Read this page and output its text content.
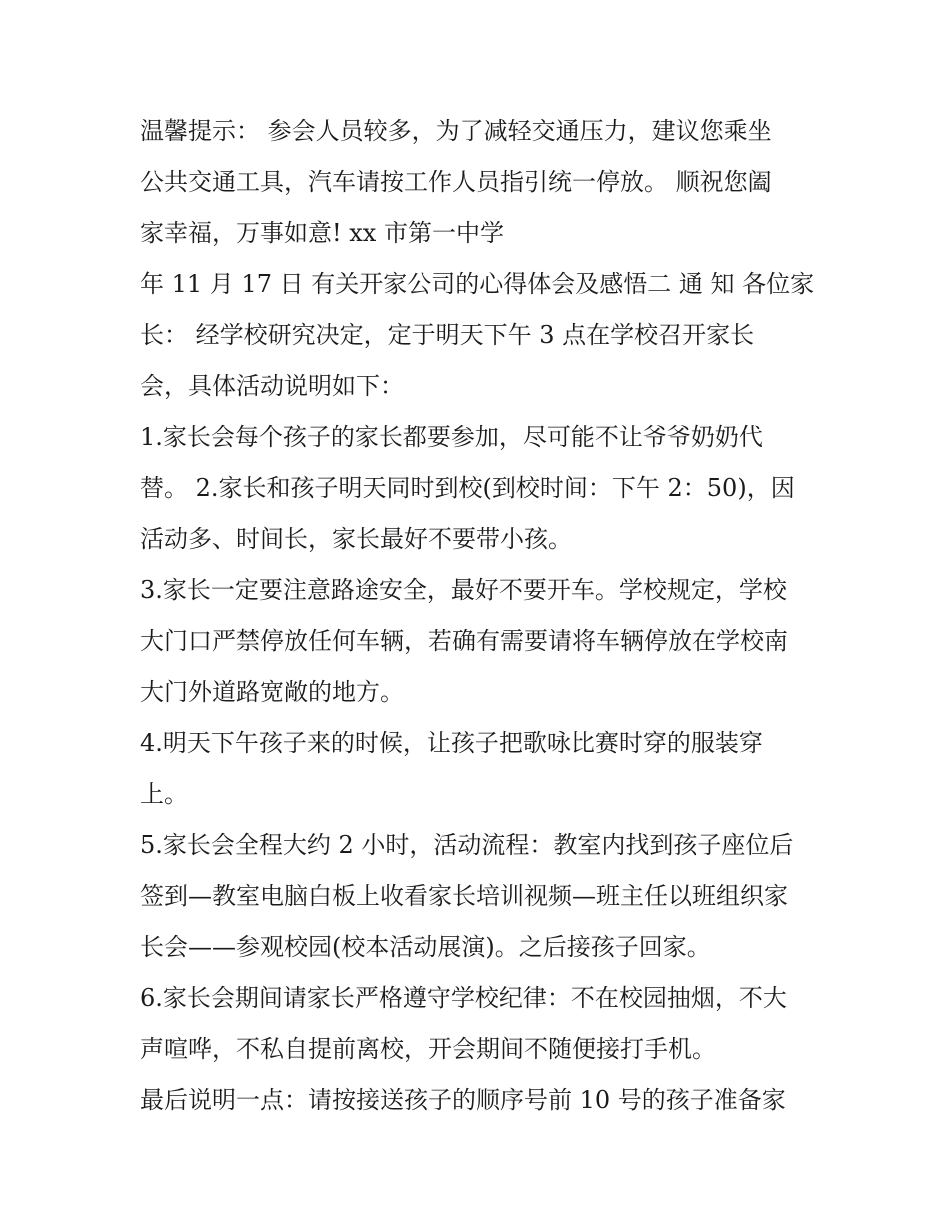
温馨提示： 参会人员较多，为了减轻交通压力，建议您乘坐
公共交通工具，汽车请按工作人员指引统一停放。 顺祝您阖
家幸福，万事如意! xx 市第一中学
年 11 月 17 日 有关开家公司的心得体会及感悟二 通 知 各位家
长： 经学校研究决定，定于明天下午 3 点在学校召开家长
会，具体活动说明如下：
1.家长会每个孩子的家长都要参加，尽可能不让爷爷奶奶代
替。 2.家长和孩子明天同时到校(到校时间：下午 2：50)，因
活动多、时间长，家长最好不要带小孩。
3.家长一定要注意路途安全，最好不要开车。学校规定，学校
大门口严禁停放任何车辆，若确有需要请将车辆停放在学校南
大门外道路宽敞的地方。
4.明天下午孩子来的时候，让孩子把歌咏比赛时穿的服装穿
上。
5.家长会全程大约 2 小时，活动流程：教室内找到孩子座位后
签到—教室电脑白板上收看家长培训视频—班主任以班组织家
长会——参观校园(校本活动展演)。之后接孩子回家。
6.家长会期间请家长严格遵守学校纪律：不在校园抽烟，不大
声喧哗，不私自提前离校，开会期间不随便接打手机。
最后说明一点：请按接送孩子的顺序号前 10 号的孩子准备家
